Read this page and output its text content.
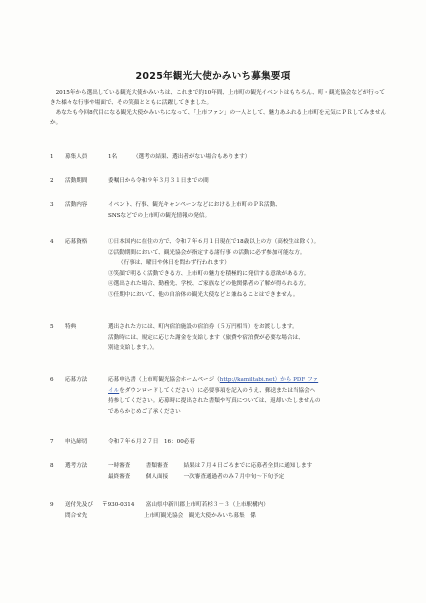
2025年観光大使かみいち募集要項

2015年から選出している観光大使かみいちは、これまで約10年間、上市町の観光イベントはもちろん、町・観光協会などが行ってきた様々な行事や場面で、その笑顔とともに活躍してきました。

あなたも今回8代目になる観光大使かみいちになって、「上市ファン」の一人として、魅力あふれる上市町を元気にＰＲしてみませんか。

1	募集人員	1名	（選考の結果、選出者がない場合もあります）
2	活動期間	委嘱日から令和９年３月３１日までの間
3	活動内容	イベント、行事、観光キャンペーンなどにおける上市町のＰＲ活動、
SNSなどでの上市町の観光情報の発信。
4	応募資格	①日本国内に在住の方で、令和７年６月１日現在で18歳以上の方（高校生は除く）。
②活動期間において、観光協会が指定する諸行事 の活動に必ず参加可能な方。
（行事は、曜日や休日を問わず行われます）
③笑顔で明るく活動できる方、上市町の魅力を積極的に発信する意欲がある方。
④選出された場合、勤務先、学校、ご家族などの他関係者の了解が得られる方。
⑤任期中において、他の自治体の観光大使などと兼ねることはできません。
5	特典	選出された方には、町内宿泊施設の宿泊券（５万円相当）をお渡しします。
活動時には、規定に応じた謝金を支給します（旅費や宿泊費が必要な場合は、
別途支給します。）。
6	応募方法	応募申込書（上市町観光協会ホームページ（http://kamiltabi.net）から PDF ファ
イルをダウンロードしてください）に必要事項を記入のうえ、郵送または当協会へ
持参してください。応募時に提出された書類や写真については、返却いたしませんの
であらかじめご了承ください
7	申込締切	令和７年６月２７日　16：00必着
8	選考方法	一時審査	書類審査	結果は７月４日ごろまでに応募者全員に通知します
最終審査	個人面接	一次審査通過者のみ７月中旬～下旬予定
9	送付先及び
問合せ先
〒930-0314 富山県中新川郡上市町若杉３－３（上市駅構内）
上市町観光協会　観光大使かみいち募集　係
